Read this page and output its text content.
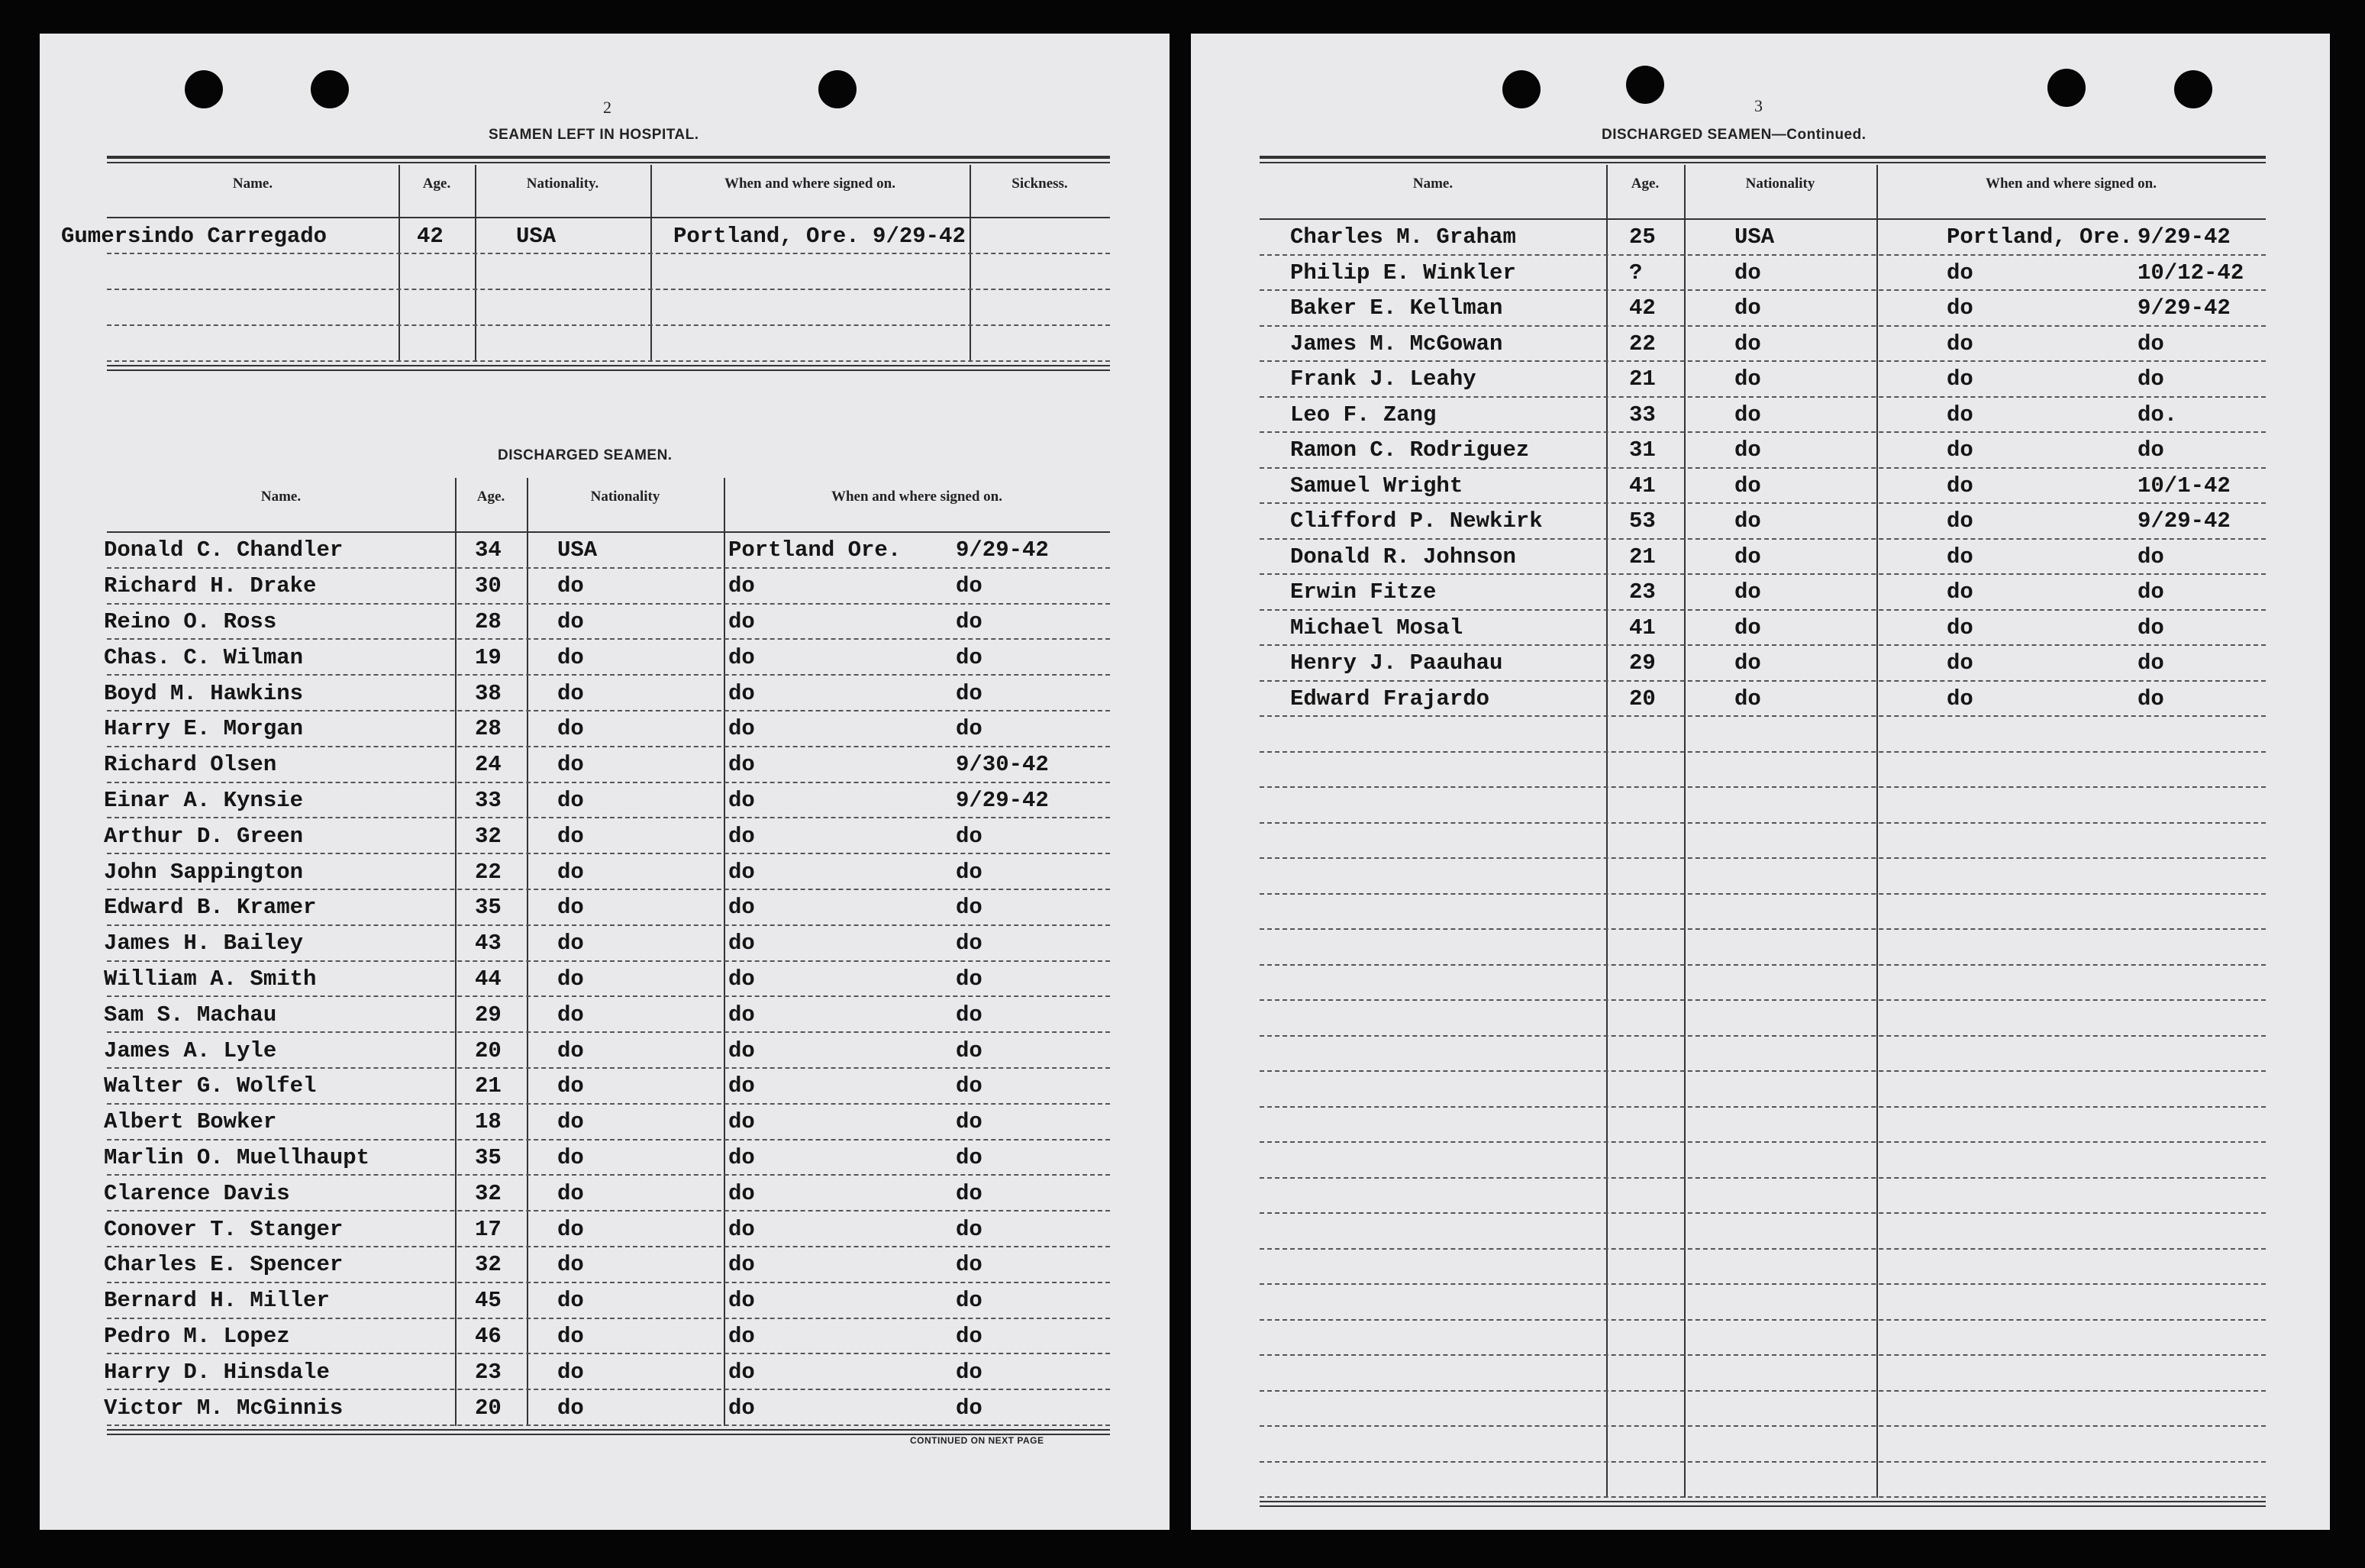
2
SEAMEN LEFT IN HOSPITAL.
Name.	Age.	Nationality.	When and where signed on.	Sickness.
Gumersindo Carregado	42	USA	Portland, Ore. 9/29-42
DISCHARGED SEAMEN.
Name.	Age.	Nationality	When and where signed on.
Donald C. Chandler	34	USA	Portland Ore. 9/29-42
Richard H. Drake	30	do	do	do
Reino O. Ross	28	do	do	do
Chas. C. Wilman	19	do	do	do
Boyd M. Hawkins	38	do	do	do
Harry E. Morgan	28	do	do	do
Richard Olsen	24	do	do	9/30-42
Einar A. Kynsie	33	do	do	9/29-42
Arthur D. Green	32	do	do	do
John Sappington	22	do	do	do
Edward B. Kramer	35	do	do	do
James H. Bailey	43	do	do	do
William A. Smith	44	do	do	do
Sam S. Machau	29	do	do	do
James A. Lyle	20	do	do	do
Walter G. Wolfel	21	do	do	do
Albert Bowker	18	do	do	do
Marlin O. Muellhaupt	35	do	do	do
Clarence Davis	32	do	do	do
Conover T. Stanger	17	do	do	do
Charles E. Spencer	32	do	do	do
Bernard H. Miller	45	do	do	do
Pedro M. Lopez	46	do	do	do
Harry D. Hinsdale	23	do	do	do
Victor M. McGinnis	20	do	do	do
CONTINUED ON NEXT PAGE
3
DISCHARGED SEAMEN—Continued.
Name.	Age.	Nationality	When and where signed on.
Charles M. Graham	25	USA	Portland, Ore. 9/29-42
Philip E. Winkler	?	do	do	10/12-42
Baker E. Kellman	42	do	do	9/29-42
James M. McGowan	22	do	do	do
Frank J. Leahy	21	do	do	do
Leo F. Zang	33	do	do	do.
Ramon C. Rodriguez	31	do	do	do
Samuel Wright	41	do	do	10/1-42
Clifford P. Newkirk	53	do	do	9/29-42
Donald R. Johnson	21	do	do	do
Erwin Fitze	23	do	do	do
Michael Mosal	41	do	do	do
Henry J. Paauhau	29	do	do	do
Edward Frajardo	20	do	do	do
